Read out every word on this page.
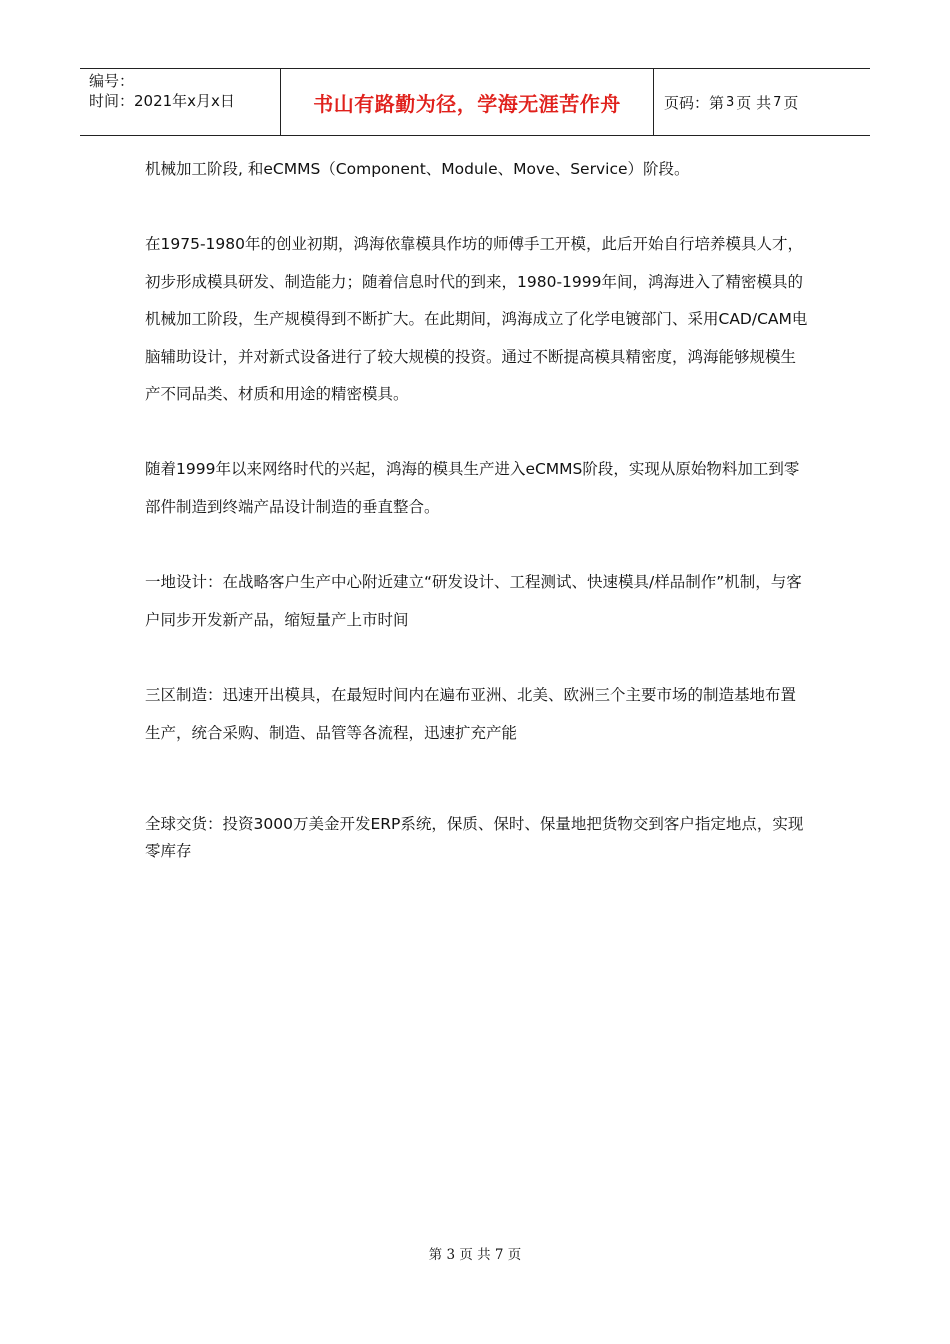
编号：
时间：2021年x月x日	书山有路勤为径，学海无涯苦作舟	页码：第 3 页 共 7 页

机械加工阶段, 和eCMMS（Component、Module、Move、Service）阶段。

在1975-1980年的创业初期，鸿海依靠模具作坊的师傅手工开模，此后开始自行培养模具人才，初步形成模具研发、制造能力；随着信息时代的到来，1980-1999年间，鸿海进入了精密模具的机械加工阶段，生产规模得到不断扩大。在此期间，鸿海成立了化学电镀部门、采用CAD/CAM电脑辅助设计，并对新式设备进行了较大规模的投资。通过不断提高模具精密度，鸿海能够规模生产不同品类、材质和用途的精密模具。

随着1999年以来网络时代的兴起，鸿海的模具生产进入eCMMS阶段，实现从原始物料加工到零部件制造到终端产品设计制造的垂直整合。

一地设计：在战略客户生产中心附近建立“研发设计、工程测试、快速模具/样品制作”机制，与客户同步开发新产品，缩短量产上市时间

三区制造：迅速开出模具，在最短时间内在遍布亚洲、北美、欧洲三个主要市场的制造基地布置生产，统合采购、制造、品管等各流程，迅速扩充产能

全球交货：投资3000万美金开发ERP系统，保质、保时、保量地把货物交到客户指定地点，实现零库存

第 3 页 共 7 页
